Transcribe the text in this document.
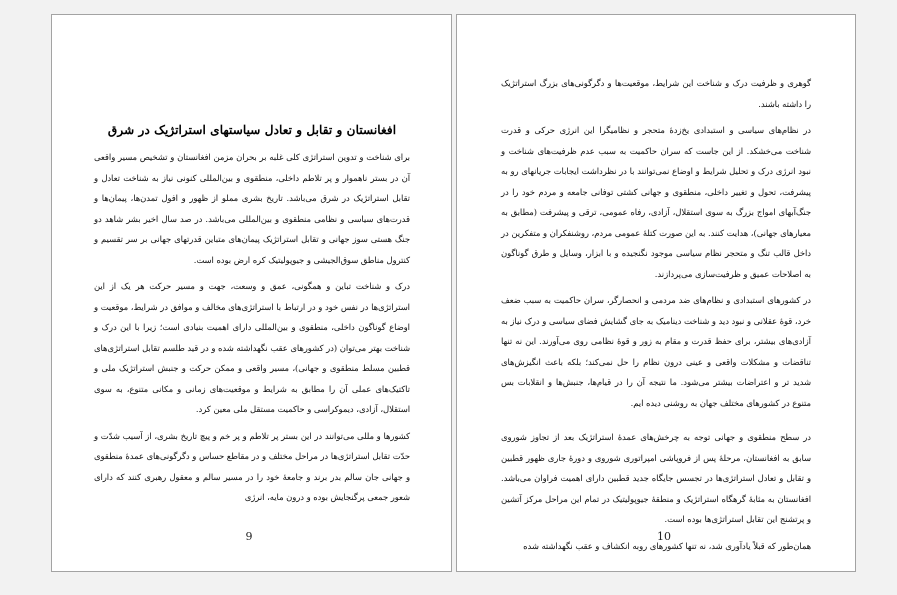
افغانستان و تقابل و تعادل سیاستهای استراتژیک در شرق

برای شناخت و تدوین استراتژی کلی غلبه بر بحران مزمن افغانستان و تشخیص مسیر واقعی آن در بستر ناهموار و پر تلاطم داخلی، منطقوی و بین‌المللی کنونی نیاز به شناخت تعادل و تقابل استراتژیک در شرق می‌باشد. تاریخ بشری مملو از ظهور و افول تمدن‌ها، پیمان‌ها و قدرت‌های سیاسی و نظامی منطقوی و بین‌المللی می‌باشد. در صد سال اخیر بشر شاهد دو جنگ هستی سوز جهانی و تقابل استراتژیک پیمان‌های متباین قدرتهای جهانی بر سر تقسیم و کنترول مناطق سوق‌الجیشی و جیوپولیتیک کره ارض بوده است.

درک و شناخت تباین و همگونی، عمق و وسعت، جهت و مسیر حرکت هر یک از این استراتژی‌ها در نفس خود و در ارتباط با استراتژی‌های مخالف و موافق در شرایط، موقعیت و اوضاع گوناگون داخلی، منطقوی و بین‌المللی دارای اهمیت بنیادی است؛ زیرا با این درک و شناخت بهتر می‌توان (در کشورهای عقب نگهداشته شده و در قید طلسم تقابل استراتژی‌های قطبین مسلط منطقوی و جهانی)، مسیر واقعی و ممکن حرکت و جنبش استراتژیک ملی و تاکتیک‌های عملی آن را مطابق به شرایط و موقعیت‌های زمانی و مکانی متنوع، به سوی استقلال، آزادی، دیموکراسی و حاکمیت مستقل ملی معین کرد.

کشورها و مللی می‌توانند در این بستر پر تلاطم و پر خم و پیچ تاریخ بشری، از آسیب شدّت و حدّت تقابل استراتژی‌ها در مراحل مختلف و در مقاطع حساس و دگرگونی‌های عمدهٔ منطقوی و جهانی جان سالم بدر برند و جامعهٔ خود را در مسیر سالم و معقول رهبری کنند که دارای شعور جمعی پرگنجایش بوده و درون مایه، انرژی

9

گوهری و ظرفیت درک و شناخت این شرایط، موقعیت‌ها و دگرگونی‌های بزرگ استراتژیک را داشته باشند.

در نظام‌های سیاسی و استبدادی یخ‌زدهٔ متحجر و نظامیگرا این انرژی حرکی و قدرت شناخت می‌خشکد. از این جاست که سران حاکمیت به سبب عدم ظرفیت‌های شناخت و نبود انرژی درک و تحلیل شرایط و اوضاع نمی‌توانند با در نظرداشت ایجابات جریانهای رو به پیشرفت، تحول و تغییر داخلی، منطقوی و جهانی کشتی توفانی جامعه و مردم خود را در جنگ‌آبهای امواج بزرگ به سوی استقلال، آزادی، رفاه عمومی، ترقی و پیشرفت (مطابق به معیارهای جهانی)، هدایت کنند. به این صورت کتلهٔ عمومی مردم، روشنفکران و متفکرین در داخل قالب تنگ و متحجر نظام سیاسی موجود نگنجیده و با ابزار، وسایل و طرق گوناگون به اصلاحات عمیق و ظرفیت‌سازی می‌پردازند.

در کشورهای استبدادی و نظام‌های ضد مردمی و انحصارگر، سران حاکمیت به سبب ضعف خرد، قوهٔ عقلانی و نبود دید و شناخت دینامیک به جای گشایش فضای سیاسی و درک نیاز به آزادی‌های بیشتر، برای حفظ قدرت و مقام به زور و قوهٔ نظامی روی می‌آورند. این نه تنها تناقضات و مشکلات واقعی و عینی درون نظام را حل نمی‌کند؛ بلکه باعث انگیزش‌های شدید تر و اعتراضات بیشتر می‌شود. ما نتیجه آن را در قیام‌ها، جنبش‌ها و انقلابات بس متنوع در کشورهای مختلف جهان به روشنی دیده ایم.

در سطح منطقوی و جهانی توجه به چرخش‌های عمدهٔ استراتژیک بعد از تجاوز شوروی سابق به افغانستان، مرحلهٔ پس از فروپاشی امپراتوری شوروی و دورهٔ جاری ظهور قطبین و تقابل و تعادل استراتژی‌ها در تجسس جایگاه جدید قطبین دارای اهمیت فراوان می‌باشد. افغانستان به مثابهٔ گرهگاه استراتژیک و منطقهٔ جیوپولیتیک در تمام این مراحل مرکز آتشین و پرتشنج این تقابل استراتژی‌ها بوده است.

همان‌طور که قبلاً یادآوری شد، نه تنها کشورهای روبه انکشاف و عقب نگهداشته شده

10
